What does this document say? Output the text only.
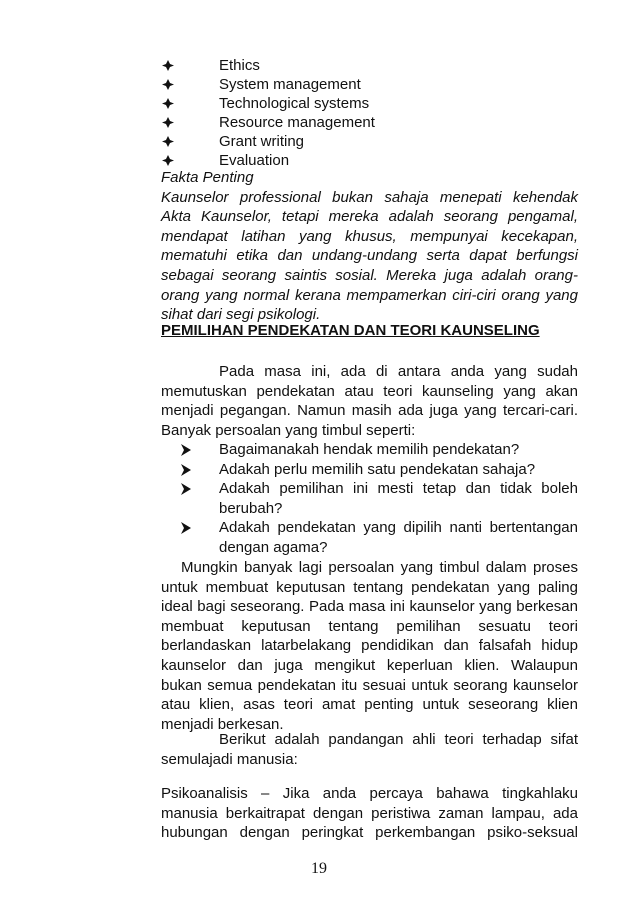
Ethics
System management
Technological systems
Resource management
Grant writing
Evaluation
Fakta Penting
Kaunselor professional bukan sahaja menepati kehendak
Akta Kaunselor, tetapi mereka adalah seorang pengamal,
mendapat latihan yang khusus, mempunyai kecekapan,
mematuhi etika dan undang-undang serta dapat berfungsi
sebagai seorang saintis sosial. Mereka juga adalah orang-
orang yang normal kerana mempamerkan ciri-ciri orang yang
sihat dari segi psikologi.
PEMILIHAN PENDEKATAN DAN TEORI KAUNSELING
Pada masa ini, ada di antara anda yang sudah
memutuskan pendekatan atau teori kaunseling yang akan
menjadi pegangan. Namun masih ada juga yang tercari-cari.
Banyak persoalan yang timbul seperti:
Bagaimanakah hendak memilih pendekatan?
Adakah perlu memilih satu pendekatan sahaja?
Adakah pemilihan ini mesti tetap dan tidak boleh
berubah?
Adakah pendekatan yang dipilih nanti bertentangan
dengan agama?
Mungkin banyak lagi persoalan yang timbul dalam proses
untuk membuat keputusan tentang pendekatan yang paling
ideal bagi seseorang. Pada masa ini kaunselor yang berkesan
membuat keputusan tentang pemilihan sesuatu teori
berlandaskan latarbelakang pendidikan dan falsafah hidup
kaunselor dan juga mengikut keperluan klien. Walaupun
bukan semua pendekatan itu sesuai untuk seorang kaunselor
atau klien, asas teori amat penting untuk seseorang klien
menjadi berkesan.
Berikut adalah pandangan ahli teori terhadap sifat
semulajadi manusia:
Psikoanalisis – Jika anda percaya bahawa tingkahlaku
manusia berkaitrapat dengan peristiwa zaman lampau, ada
hubungan dengan peringkat perkembangan psiko-seksual
19
